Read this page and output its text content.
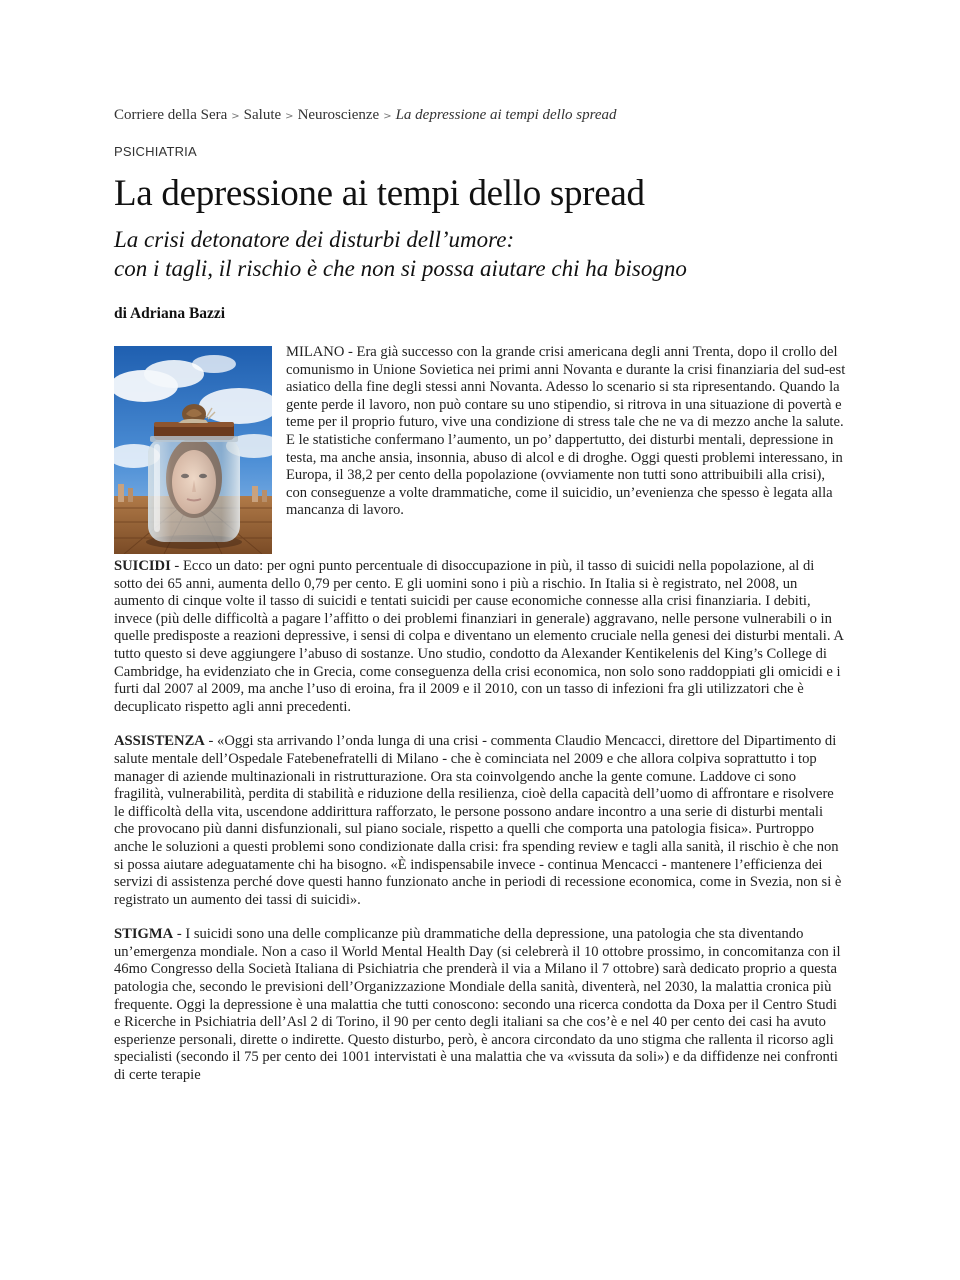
Corriere della Sera > Salute > Neuroscienze > La depressione ai tempi dello spread
PSICHIATRIA
La depressione ai tempi dello spread
La crisi detonatore dei disturbi dell’umore:
con i tagli, il rischio è che non si possa aiutare chi ha bisogno
di Adriana Bazzi

MILANO - Era già successo con la grande crisi americana degli anni Trenta, dopo il crollo del comunismo in Unione Sovietica nei primi anni Novanta e durante la crisi finanziaria del sud-est asiatico della fine degli stessi anni Novanta. Adesso lo scenario si sta ripresentando. Quando la gente perde il lavoro, non può contare su uno stipendio, si ritrova in una situazione di povertà e teme per il proprio futuro, vive una condizione di stress tale che ne va di mezzo anche la salute. E le statistiche confermano l’aumento, un po’ dappertutto, dei disturbi mentali, depressione in testa, ma anche ansia, insonnia, abuso di alcol e di droghe. Oggi questi problemi interessano, in Europa, il 38,2 per cento della popolazione (ovviamente non tutti sono attribuibili alla crisi), con conseguenze a volte drammatiche, come il suicidio, un’evenienza che spesso è legata alla mancanza di lavoro.

SUICIDI - Ecco un dato: per ogni punto percentuale di disoccupazione in più, il tasso di suicidi nella popolazione, al di sotto dei 65 anni, aumenta dello 0,79 per cento. E gli uomini sono i più a rischio. In Italia si è registrato, nel 2008, un aumento di cinque volte il tasso di suicidi e tentati suicidi per cause economiche connesse alla crisi finanziaria. I debiti, invece (più delle difficoltà a pagare l’affitto o dei problemi finanziari in generale) aggravano, nelle persone vulnerabili o in quelle predisposte a reazioni depressive, i sensi di colpa e diventano un elemento cruciale nella genesi dei disturbi mentali. A tutto questo si deve aggiungere l’abuso di sostanze. Uno studio, condotto da Alexander Kentikelenis del King’s College di Cambridge, ha evidenziato che in Grecia, come conseguenza della crisi economica, non solo sono raddoppiati gli omicidi e i furti dal 2007 al 2009, ma anche l’uso di eroina, fra il 2009 e il 2010, con un tasso di infezioni fra gli utilizzatori che è decuplicato rispetto agli anni precedenti.

ASSISTENZA - «Oggi sta arrivando l’onda lunga di una crisi - commenta Claudio Mencacci, direttore del Dipartimento di salute mentale dell’Ospedale Fatebenefratelli di Milano - che è cominciata nel 2009 e che allora colpiva soprattutto i top manager di aziende multinazionali in ristrutturazione. Ora sta coinvolgendo anche la gente comune. Laddove ci sono fragilità, vulnerabilità, perdita di stabilità e riduzione della resilienza, cioè della capacità dell’uomo di affrontare e risolvere le difficoltà della vita, uscendone addirittura rafforzato, le persone possono andare incontro a una serie di disturbi mentali che provocano più danni disfunzionali, sul piano sociale, rispetto a quelli che comporta una patologia fisica». Purtroppo anche le soluzioni a questi problemi sono condizionate dalla crisi: fra spending review e tagli alla sanità, il rischio è che non si possa aiutare adeguatamente chi ha bisogno. «È indispensabile invece - continua Mencacci - mantenere l’efficienza dei servizi di assistenza perché dove questi hanno funzionato anche in periodi di recessione economica, come in Svezia, non si è registrato un aumento dei tassi di suicidi».

STIGMA - I suicidi sono una delle complicanze più drammatiche della depressione, una patologia che sta diventando un’emergenza mondiale. Non a caso il World Mental Health Day (si celebrerà il 10 ottobre prossimo, in concomitanza con il 46mo Congresso della Società Italiana di Psichiatria che prenderà il via a Milano il 7 ottobre) sarà dedicato proprio a questa patologia che, secondo le previsioni dell’Organizzazione Mondiale della sanità, diventerà, nel 2030, la malattia cronica più frequente. Oggi la depressione è una malattia che tutti conoscono: secondo una ricerca condotta da Doxa per il Centro Studi e Ricerche in Psichiatria dell’Asl 2 di Torino, il 90 per cento degli italiani sa che cos’è e nel 40 per cento dei casi ha avuto esperienze personali, dirette o indirette. Questo disturbo, però, è ancora circondato da uno stigma che rallenta il ricorso agli specialisti (secondo il 75 per cento dei 1001 intervistati è una malattia che va «vissuta da soli») e da diffidenze nei confronti di certe terapie
